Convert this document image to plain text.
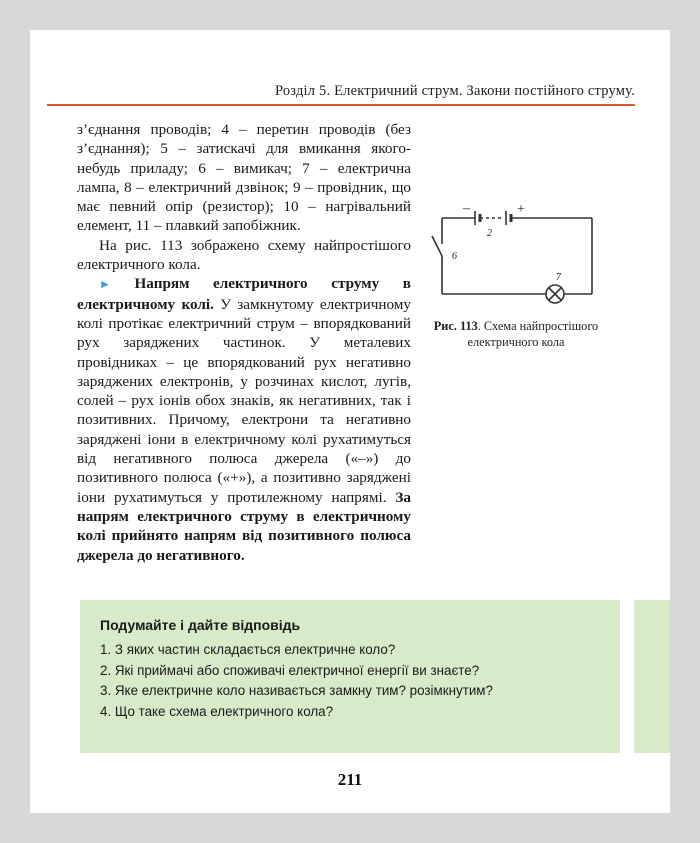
Розділ 5. Електричний струм. Закони постійного струму.

з’єднання проводів; 4 – перетин проводів (без з’єднання); 5 – затискачі для вмикання якого-небудь приладу; 6 – вимикач; 7 – електрична лампа, 8 – електричний дзвінок; 9 – провідник, що має певний опір (резистор); 10 – нагрівальний елемент, 11 – плавкий запобіжник.

На рис. 113 зображено схему найпростішого електричного кола.

► Напрям електричного струму в електричному колі. У замкнутому електричному колі протікає електричний струм – впорядкований рух заряджених частинок. У металевих провідниках – це впорядкований рух негативно заряджених електронів, у розчинах кислот, лугів, солей – рух іонів обох знаків, як негативних, так і позитивних. Причому, електрони та негативно заряджені іони в електричному колі рухатимуться від негативного полюса джерела («–») до позитивного полюса («+»), а позитивно заряджені іони рухатимуться у протилежному напрямі. За напрям електричного струму в електричному колі прийнято напрям від позитивного полюса джерела до негативного.

–	+
2
6
7
Рис. 113. Схема найпростішого електричного кола
Подумайте і дайте відповідь
1. З яких частин складається електричне коло?
2. Які приймачі або споживачі електричної енергії ви знаєте?
3. Яке електричне коло називається замкну тим? розімкнутим?
4. Що таке схема електричного кола?
211
